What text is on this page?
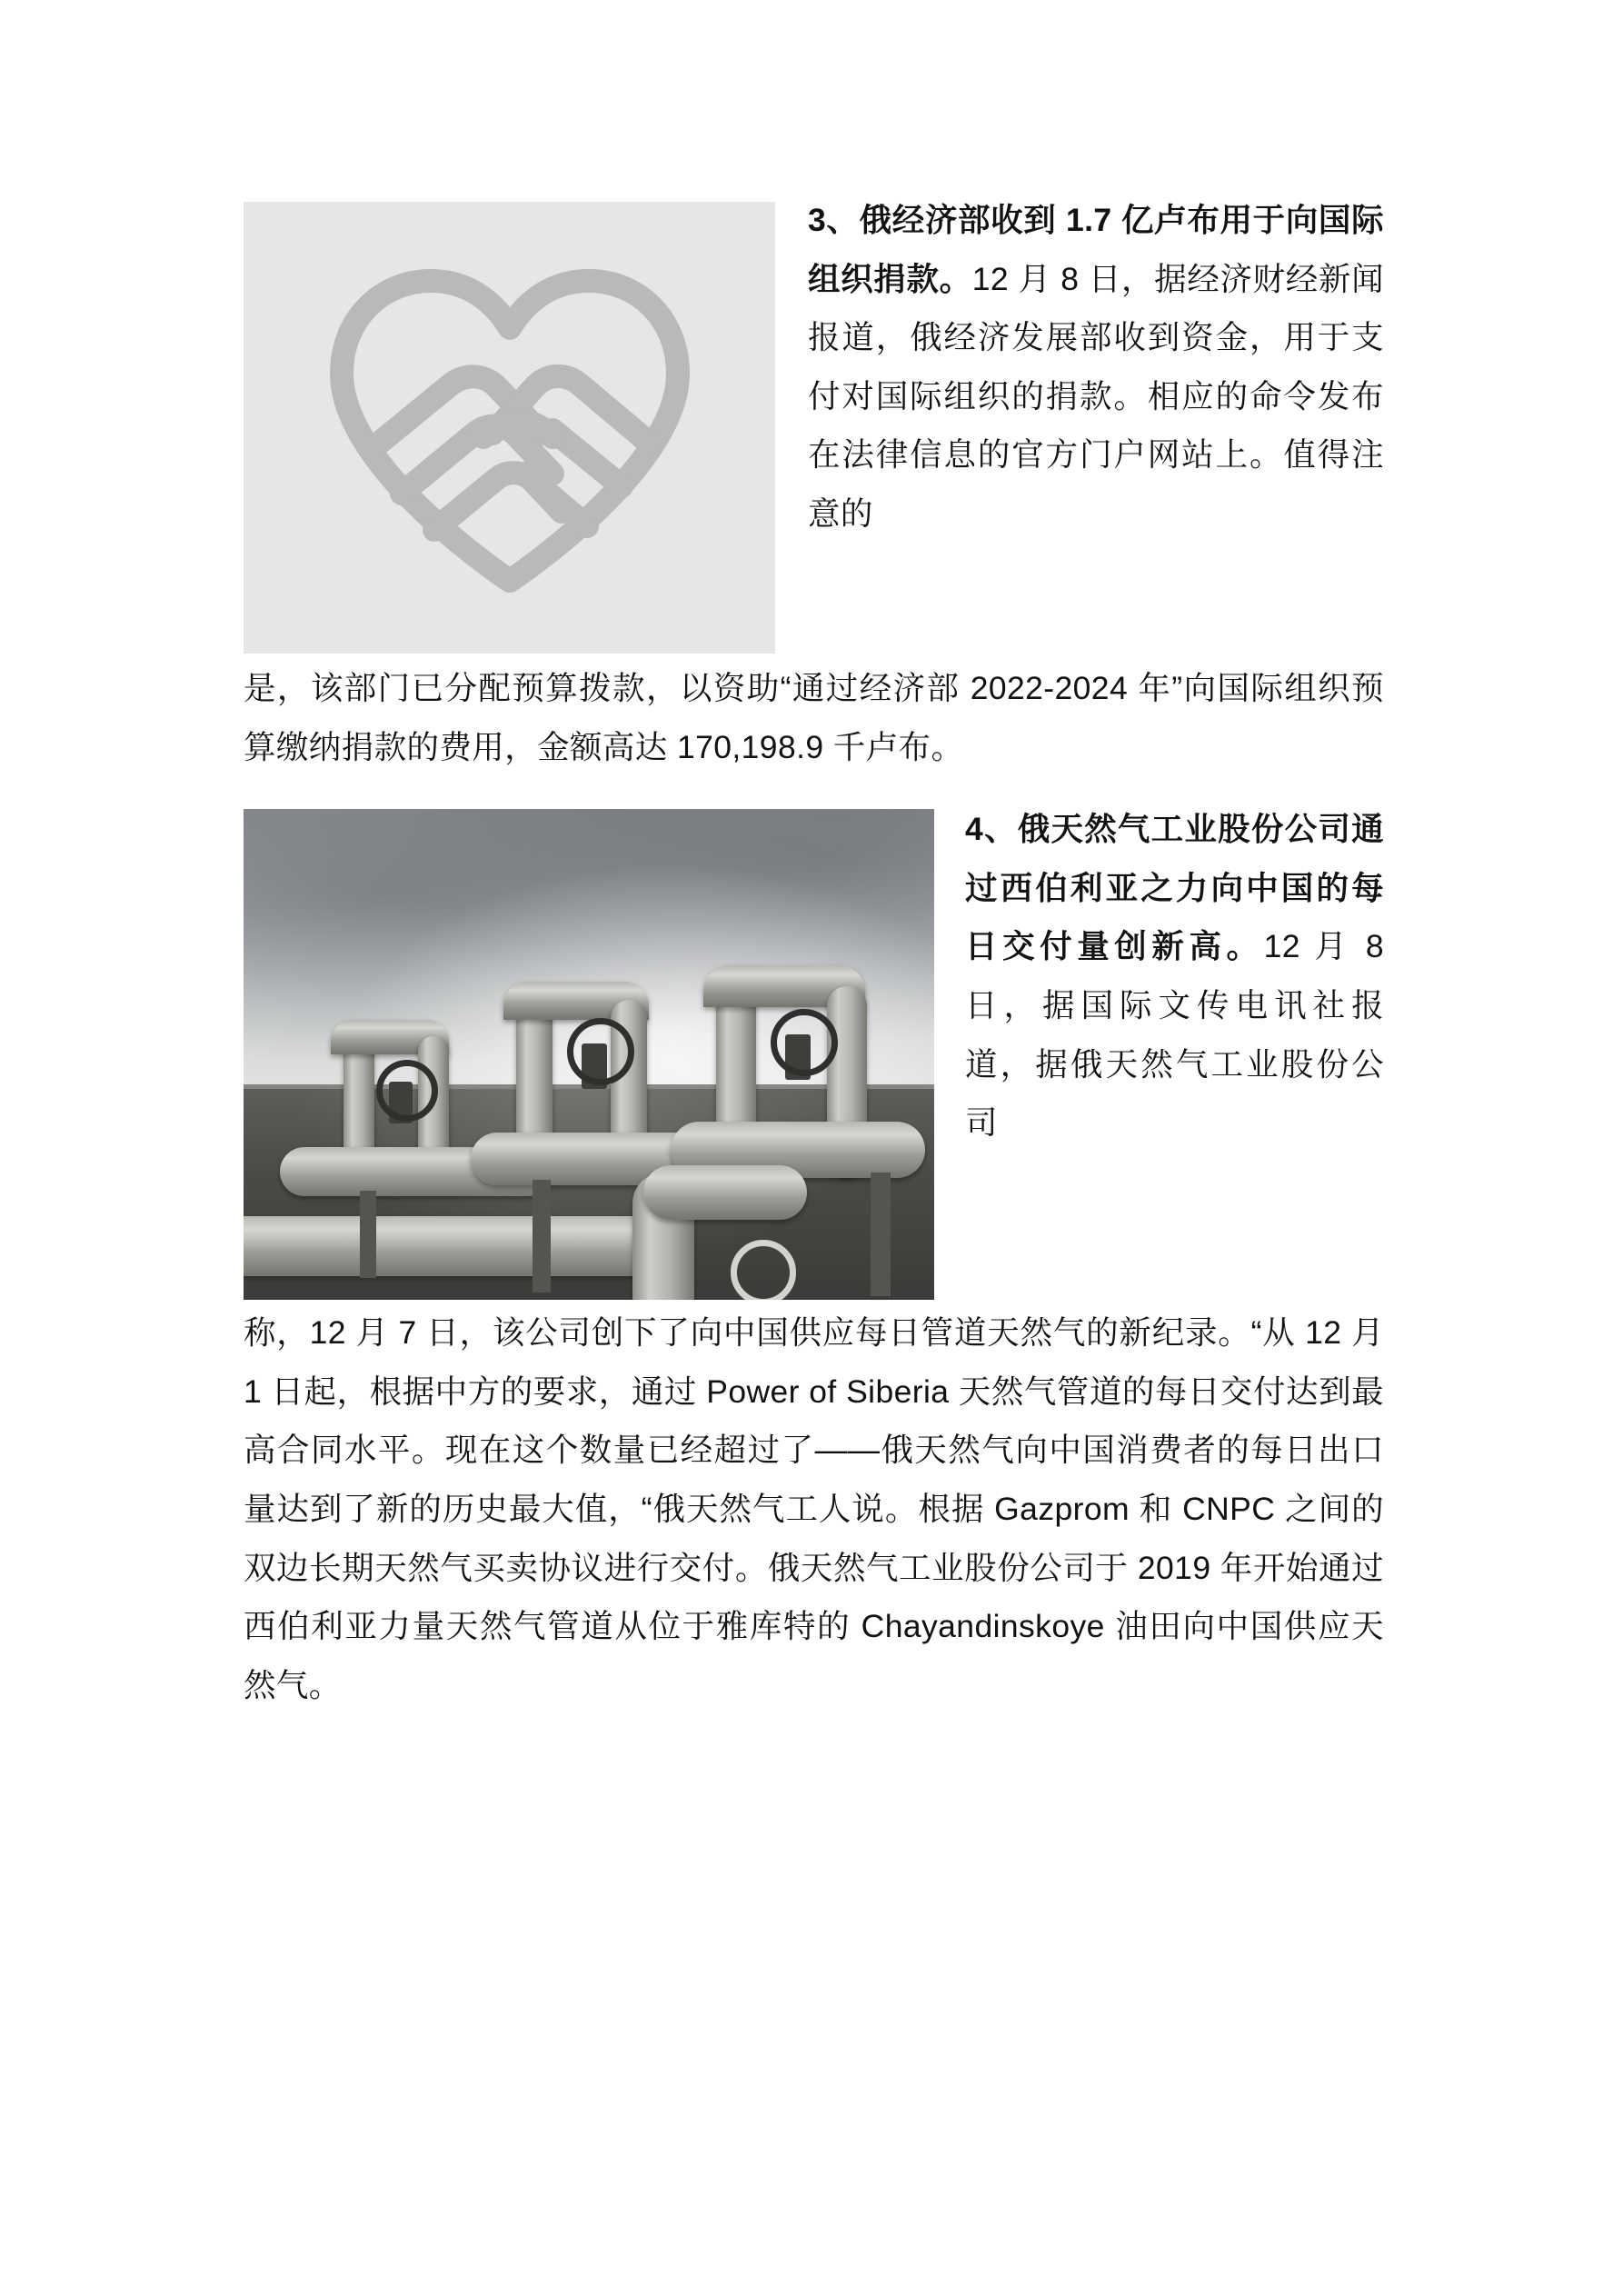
3、俄经济部收到 1.7 亿卢布用于向国际组织捐款。12 月 8 日，据经济财经新闻报道，俄经济发展部收到资金，用于支付对国际组织的捐款。相应的命令发布在法律信息的官方门户网站上。值得注意的

是，该部门已分配预算拨款，以资助“通过经济部 2022-2024 年”向国际组织预算缴纳捐款的费用，金额高达 170,198.9 千卢布。

4、俄天然气工业股份公司通过西伯利亚之力向中国的每日交付量创新高。12 月 8 日，据国际文传电讯社报道，据俄天然气工业股份公司

称，12 月 7 日，该公司创下了向中国供应每日管道天然气的新纪录。“从 12 月 1 日起，根据中方的要求，通过 Power of Siberia 天然气管道的每日交付达到最高合同水平。现在这个数量已经超过了——俄天然气向中国消费者的每日出口量达到了新的历史最大值，“俄天然气工人说。根据 Gazprom 和 CNPC 之间的双边长期天然气买卖协议进行交付。俄天然气工业股份公司于 2019 年开始通过西伯利亚力量天然气管道从位于雅库特的 Chayandinskoye 油田向中国供应天然气。
